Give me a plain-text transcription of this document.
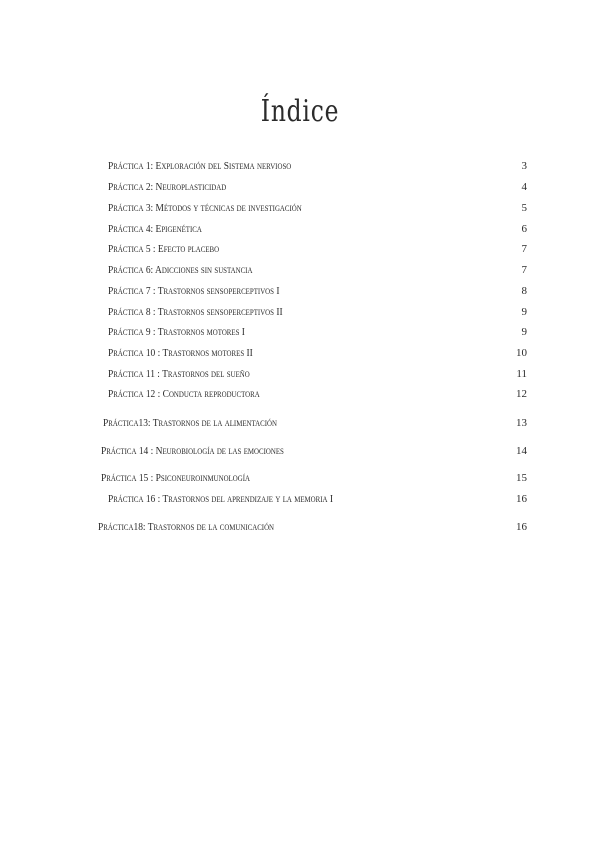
Índice
Práctica 1: Exploración del Sistema nervioso	3
Práctica 2: Neuroplasticidad	4
Práctica 3: Métodos y técnicas de investigación	5
Práctica 4: Epigenética	6
Práctica 5 : Efecto placebo	7
Práctica 6: Adicciones sin sustancia	7
Práctica 7 : Trastornos sensoperceptivos I	8
Práctica 8 : Trastornos sensoperceptivos II	9
Práctica 9 : Trastornos motores I	9
Práctica 10 : Trastornos motores II	10
Práctica 11 : Trastornos del sueño	11
Práctica 12 : Conducta reproductora	12
Práctica13: Trastornos de la alimentación	13
Práctica 14 : Neurobiología de las emociones	14
Práctica 15 : Psiconeuroinmunología	15
Práctica 16 : Trastornos del aprendizaje y la memoria I	16
Práctica18: Trastornos de la comunicación	16
